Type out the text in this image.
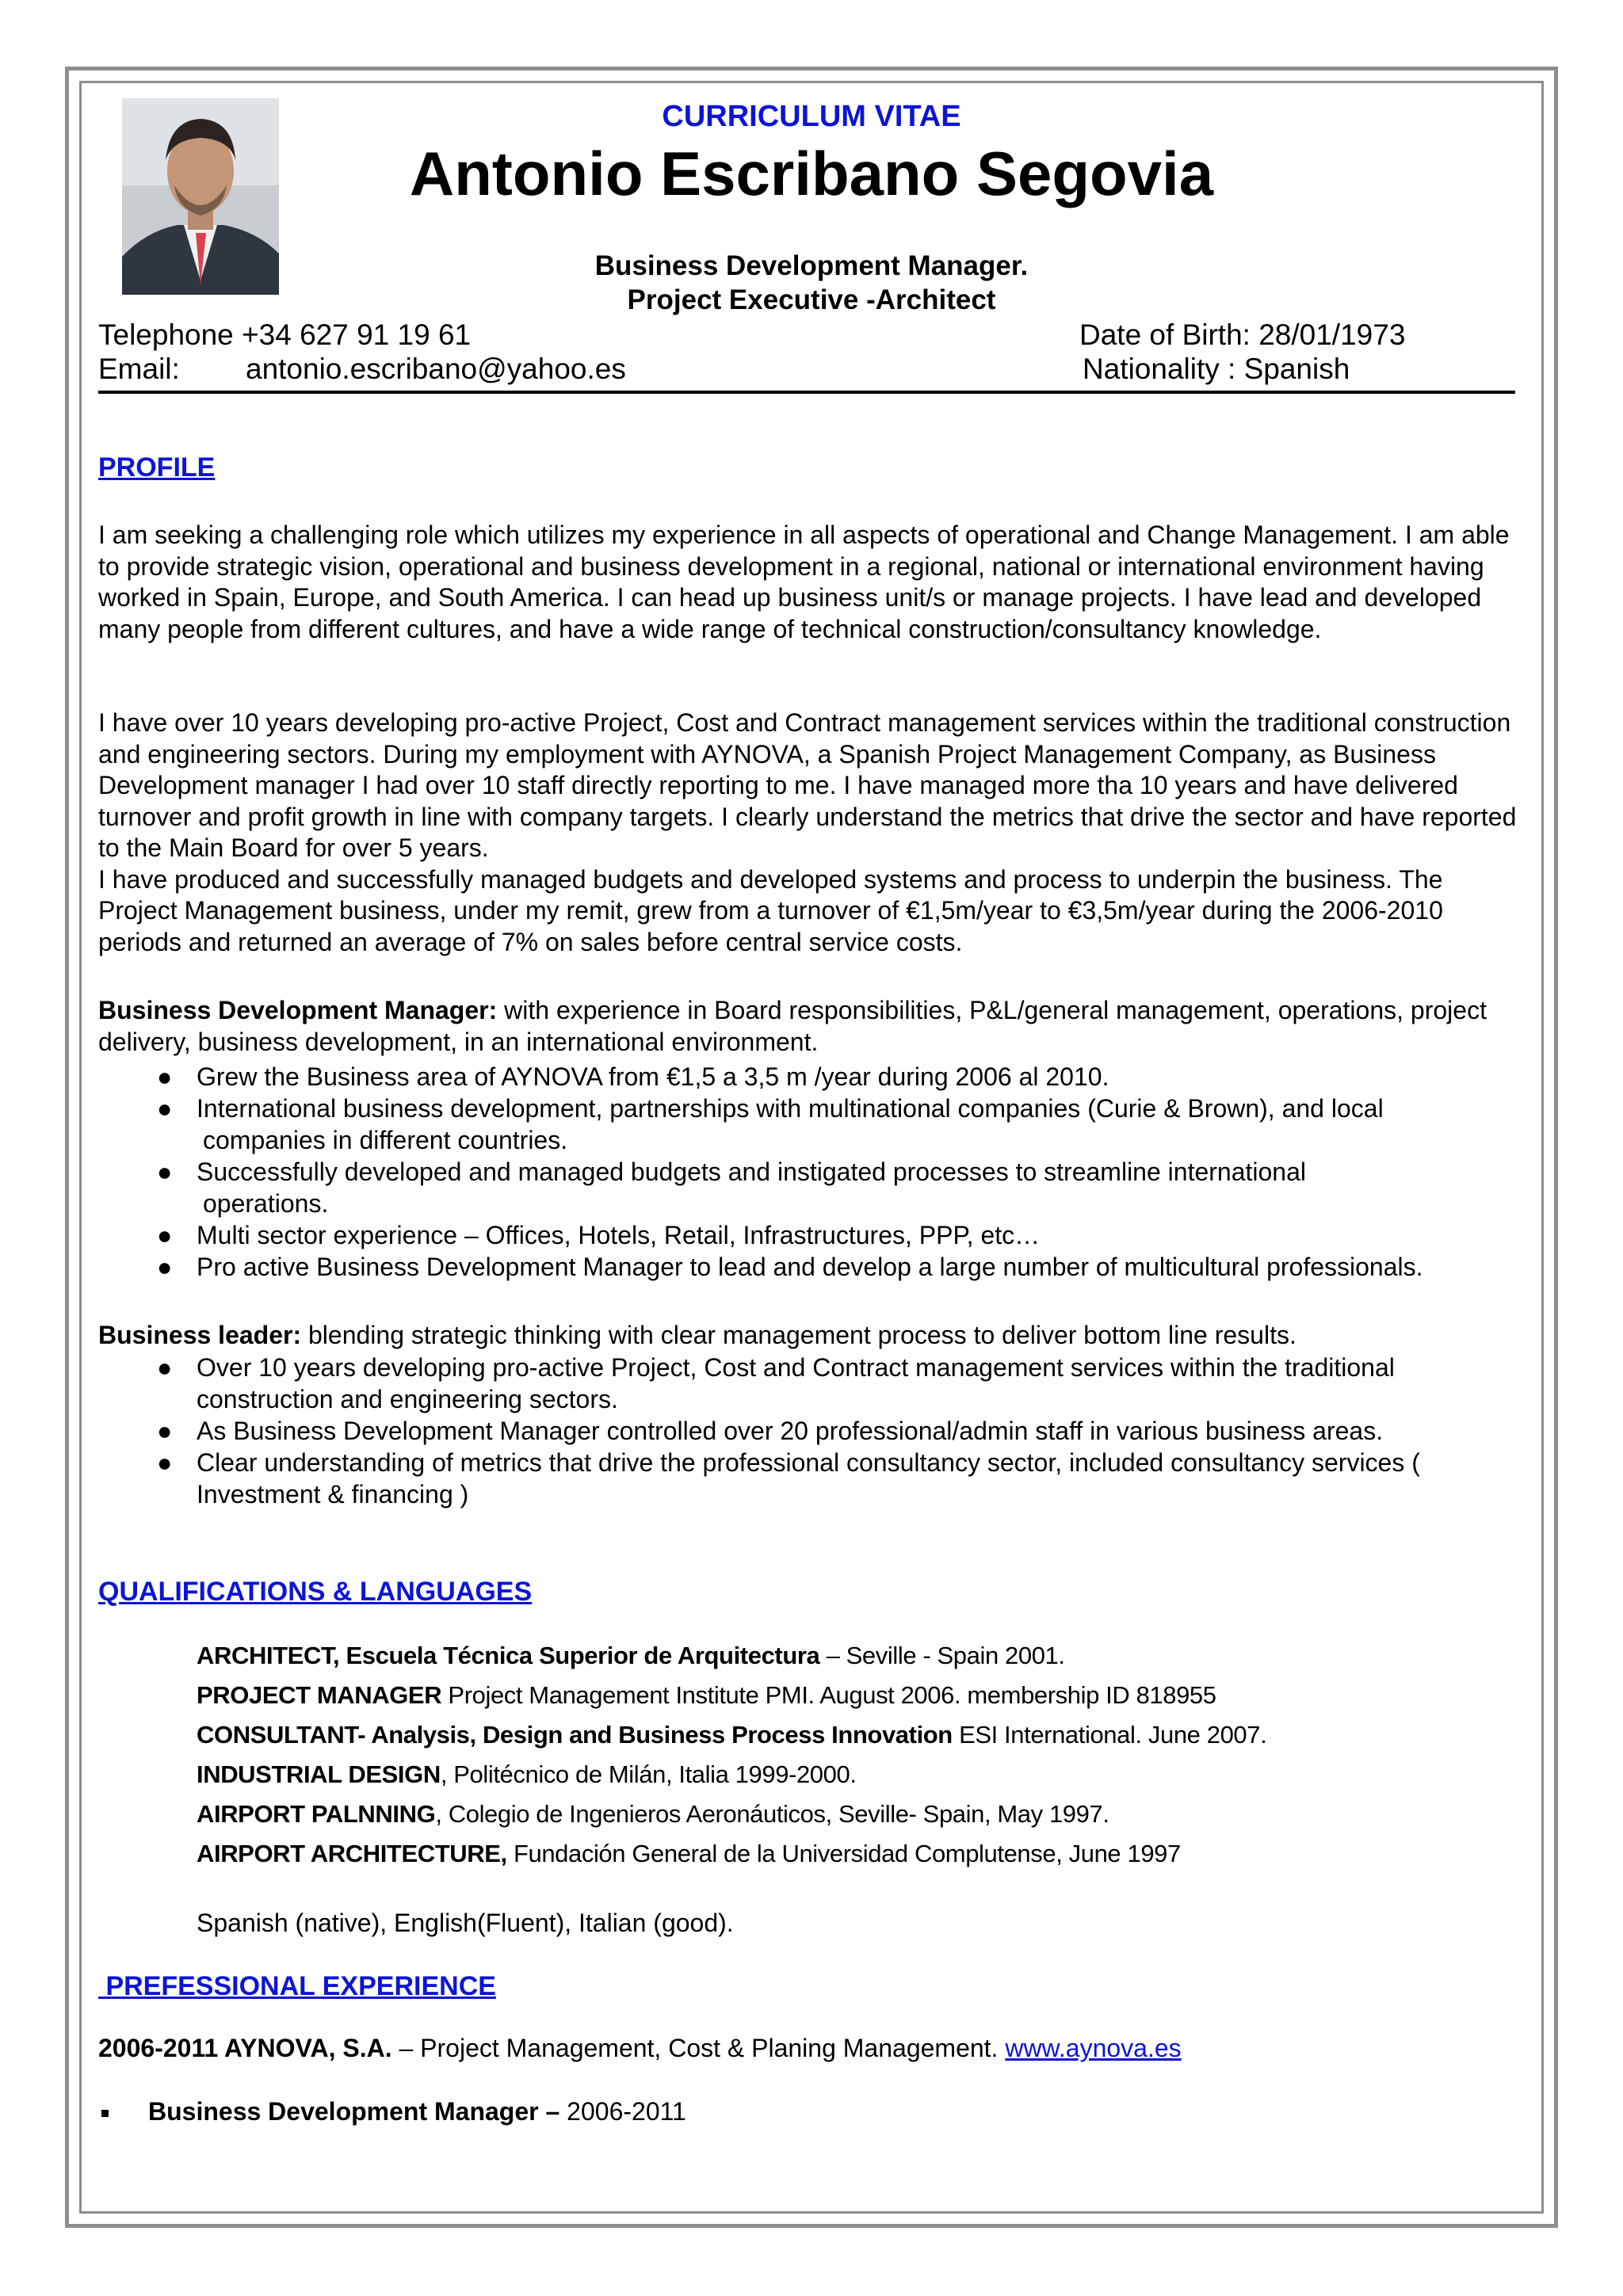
CURRICULUM VITAE
Antonio Escribano Segovia
Business Development Manager.
Project Executive -Architect
Telephone +34 627 91 19 61
Email: antonio.escribano@yahoo.es
Date of Birth: 28/01/1973
Nationality : Spanish
PROFILE

I am seeking a challenging role which utilizes my experience in all aspects of operational and Change Management. I am able to provide strategic vision, operational and business development in a regional, national or international environment having worked in Spain, Europe, and South America. I can head up business unit/s or manage projects. I have lead and developed many people from different cultures, and have a wide range of technical construction/consultancy knowledge.

I have over 10 years developing pro-active Project, Cost and Contract management services within the traditional construction and engineering sectors. During my employment with AYNOVA, a Spanish Project Management Company, as Business Development manager I had over 10 staff directly reporting to me. I have managed more tha 10 years and have delivered turnover and profit growth in line with company targets. I clearly understand the metrics that drive the sector and have reported to the Main Board for over 5 years.

I have produced and successfully managed budgets and developed systems and process to underpin the business. The Project Management business, under my remit, grew from a turnover of €1,5m/year to €3,5m/year during the 2006-2010 periods and returned an average of 7% on sales before central service costs.

Business Development Manager: with experience in Board responsibilities, P&L/general management, operations, project delivery, business development, in an international environment.
● Grew the Business area of AYNOVA from €1,5 a 3,5 m /year during 2006 al 2010.
● International business development, partnerships with multinational companies (Curie & Brown), and local
companies in different countries.
● Successfully developed and managed budgets and instigated processes to streamline international
operations.
● Multi sector experience – Offices, Hotels, Retail, Infrastructures, PPP, etc…
● Pro active Business Development Manager to lead and develop a large number of multicultural professionals.
Business leader: blending strategic thinking with clear management process to deliver bottom line results.
● Over 10 years developing pro-active Project, Cost and Contract management services within the traditional
construction and engineering sectors.
● As Business Development Manager controlled over 20 professional/admin staff in various business areas.
● Clear understanding of metrics that drive the professional consultancy sector, included consultancy services (
Investment & financing )
QUALIFICATIONS & LANGUAGES
ARCHITECT, Escuela Técnica Superior de Arquitectura – Seville - Spain 2001.
PROJECT MANAGER Project Management Institute PMI. August 2006. membership ID 818955
CONSULTANT- Analysis, Design and Business Process Innovation ESI International. June 2007.
INDUSTRIAL DESIGN, Politécnico de Milán, Italia 1999-2000.
AIRPORT PALNNING, Colegio de Ingenieros Aeronáuticos, Seville- Spain, May 1997.
AIRPORT ARCHITECTURE, Fundación General de la Universidad Complutense, June 1997
Spanish (native), English(Fluent), Italian (good).
PREFESSIONAL EXPERIENCE
2006-2011 AYNOVA, S.A. – Project Management, Cost & Planing Management. www.aynova.es
Business Development Manager – 2006-2011
